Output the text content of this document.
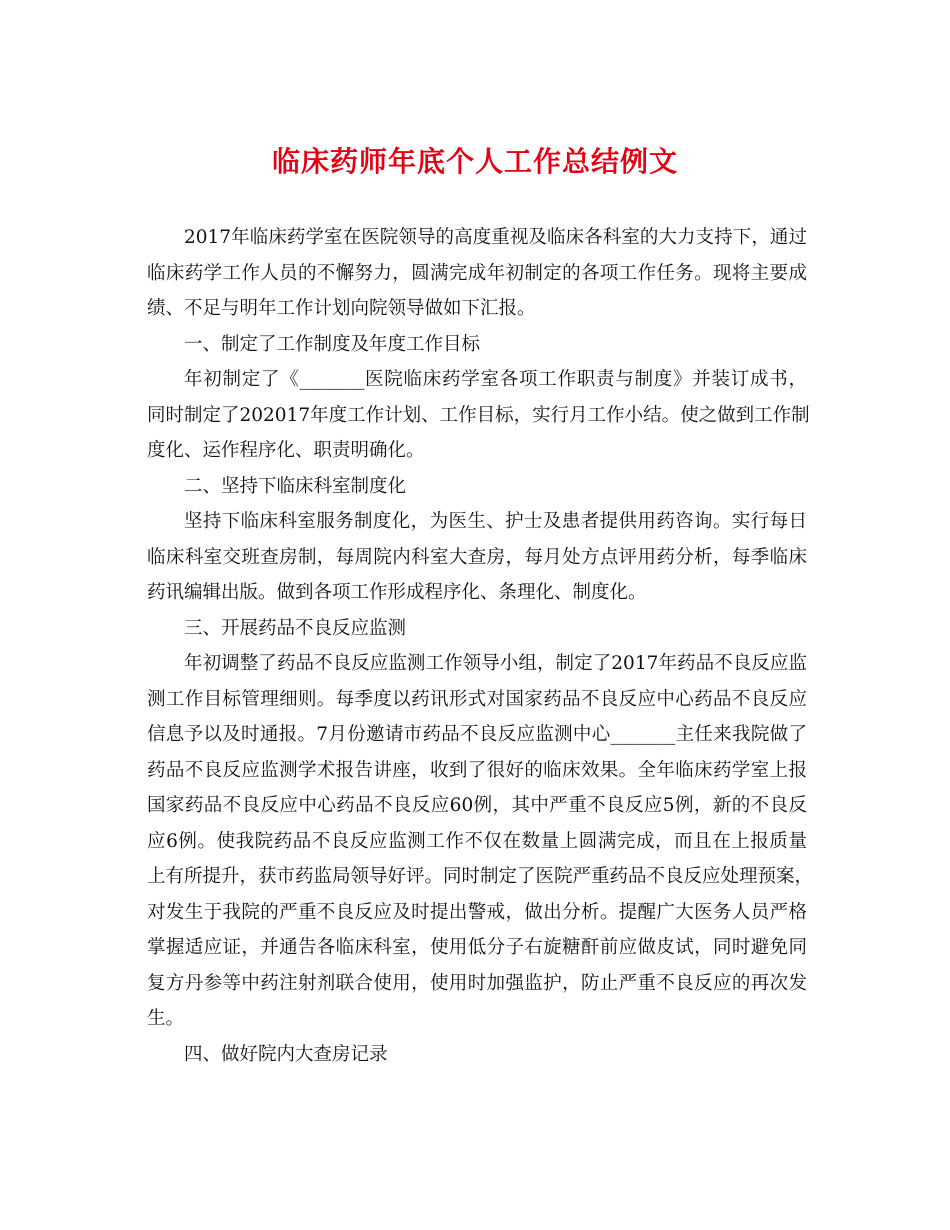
临床药师年底个人工作总结例文
2017年临床药学室在医院领导的高度重视及临床各科室的大力支持下，通过
临床药学工作人员的不懈努力，圆满完成年初制定的各项工作任务。现将主要成
绩、不足与明年工作计划向院领导做如下汇报。
一、制定了工作制度及年度工作目标
年初制定了《_______医院临床药学室各项工作职责与制度》并装订成书，
同时制定了202017年度工作计划、工作目标，实行月工作小结。使之做到工作制
度化、运作程序化、职责明确化。
二、坚持下临床科室制度化
坚持下临床科室服务制度化，为医生、护士及患者提供用药咨询。实行每日
临床科室交班查房制，每周院内科室大查房，每月处方点评用药分析，每季临床
药讯编辑出版。做到各项工作形成程序化、条理化、制度化。
三、开展药品不良反应监测
年初调整了药品不良反应监测工作领导小组，制定了2017年药品不良反应监
测工作目标管理细则。每季度以药讯形式对国家药品不良反应中心药品不良反应
信息予以及时通报。7月份邀请市药品不良反应监测中心_______主任来我院做了
药品不良反应监测学术报告讲座，收到了很好的临床效果。全年临床药学室上报
国家药品不良反应中心药品不良反应60例，其中严重不良反应5例，新的不良反
应6例。使我院药品不良反应监测工作不仅在数量上圆满完成，而且在上报质量
上有所提升，获市药监局领导好评。同时制定了医院严重药品不良反应处理预案，
对发生于我院的严重不良反应及时提出警戒，做出分析。提醒广大医务人员严格
掌握适应证，并通告各临床科室，使用低分子右旋糖酐前应做皮试，同时避免同
复方丹参等中药注射剂联合使用，使用时加强监护，防止严重不良反应的再次发
生。
四、做好院内大查房记录
